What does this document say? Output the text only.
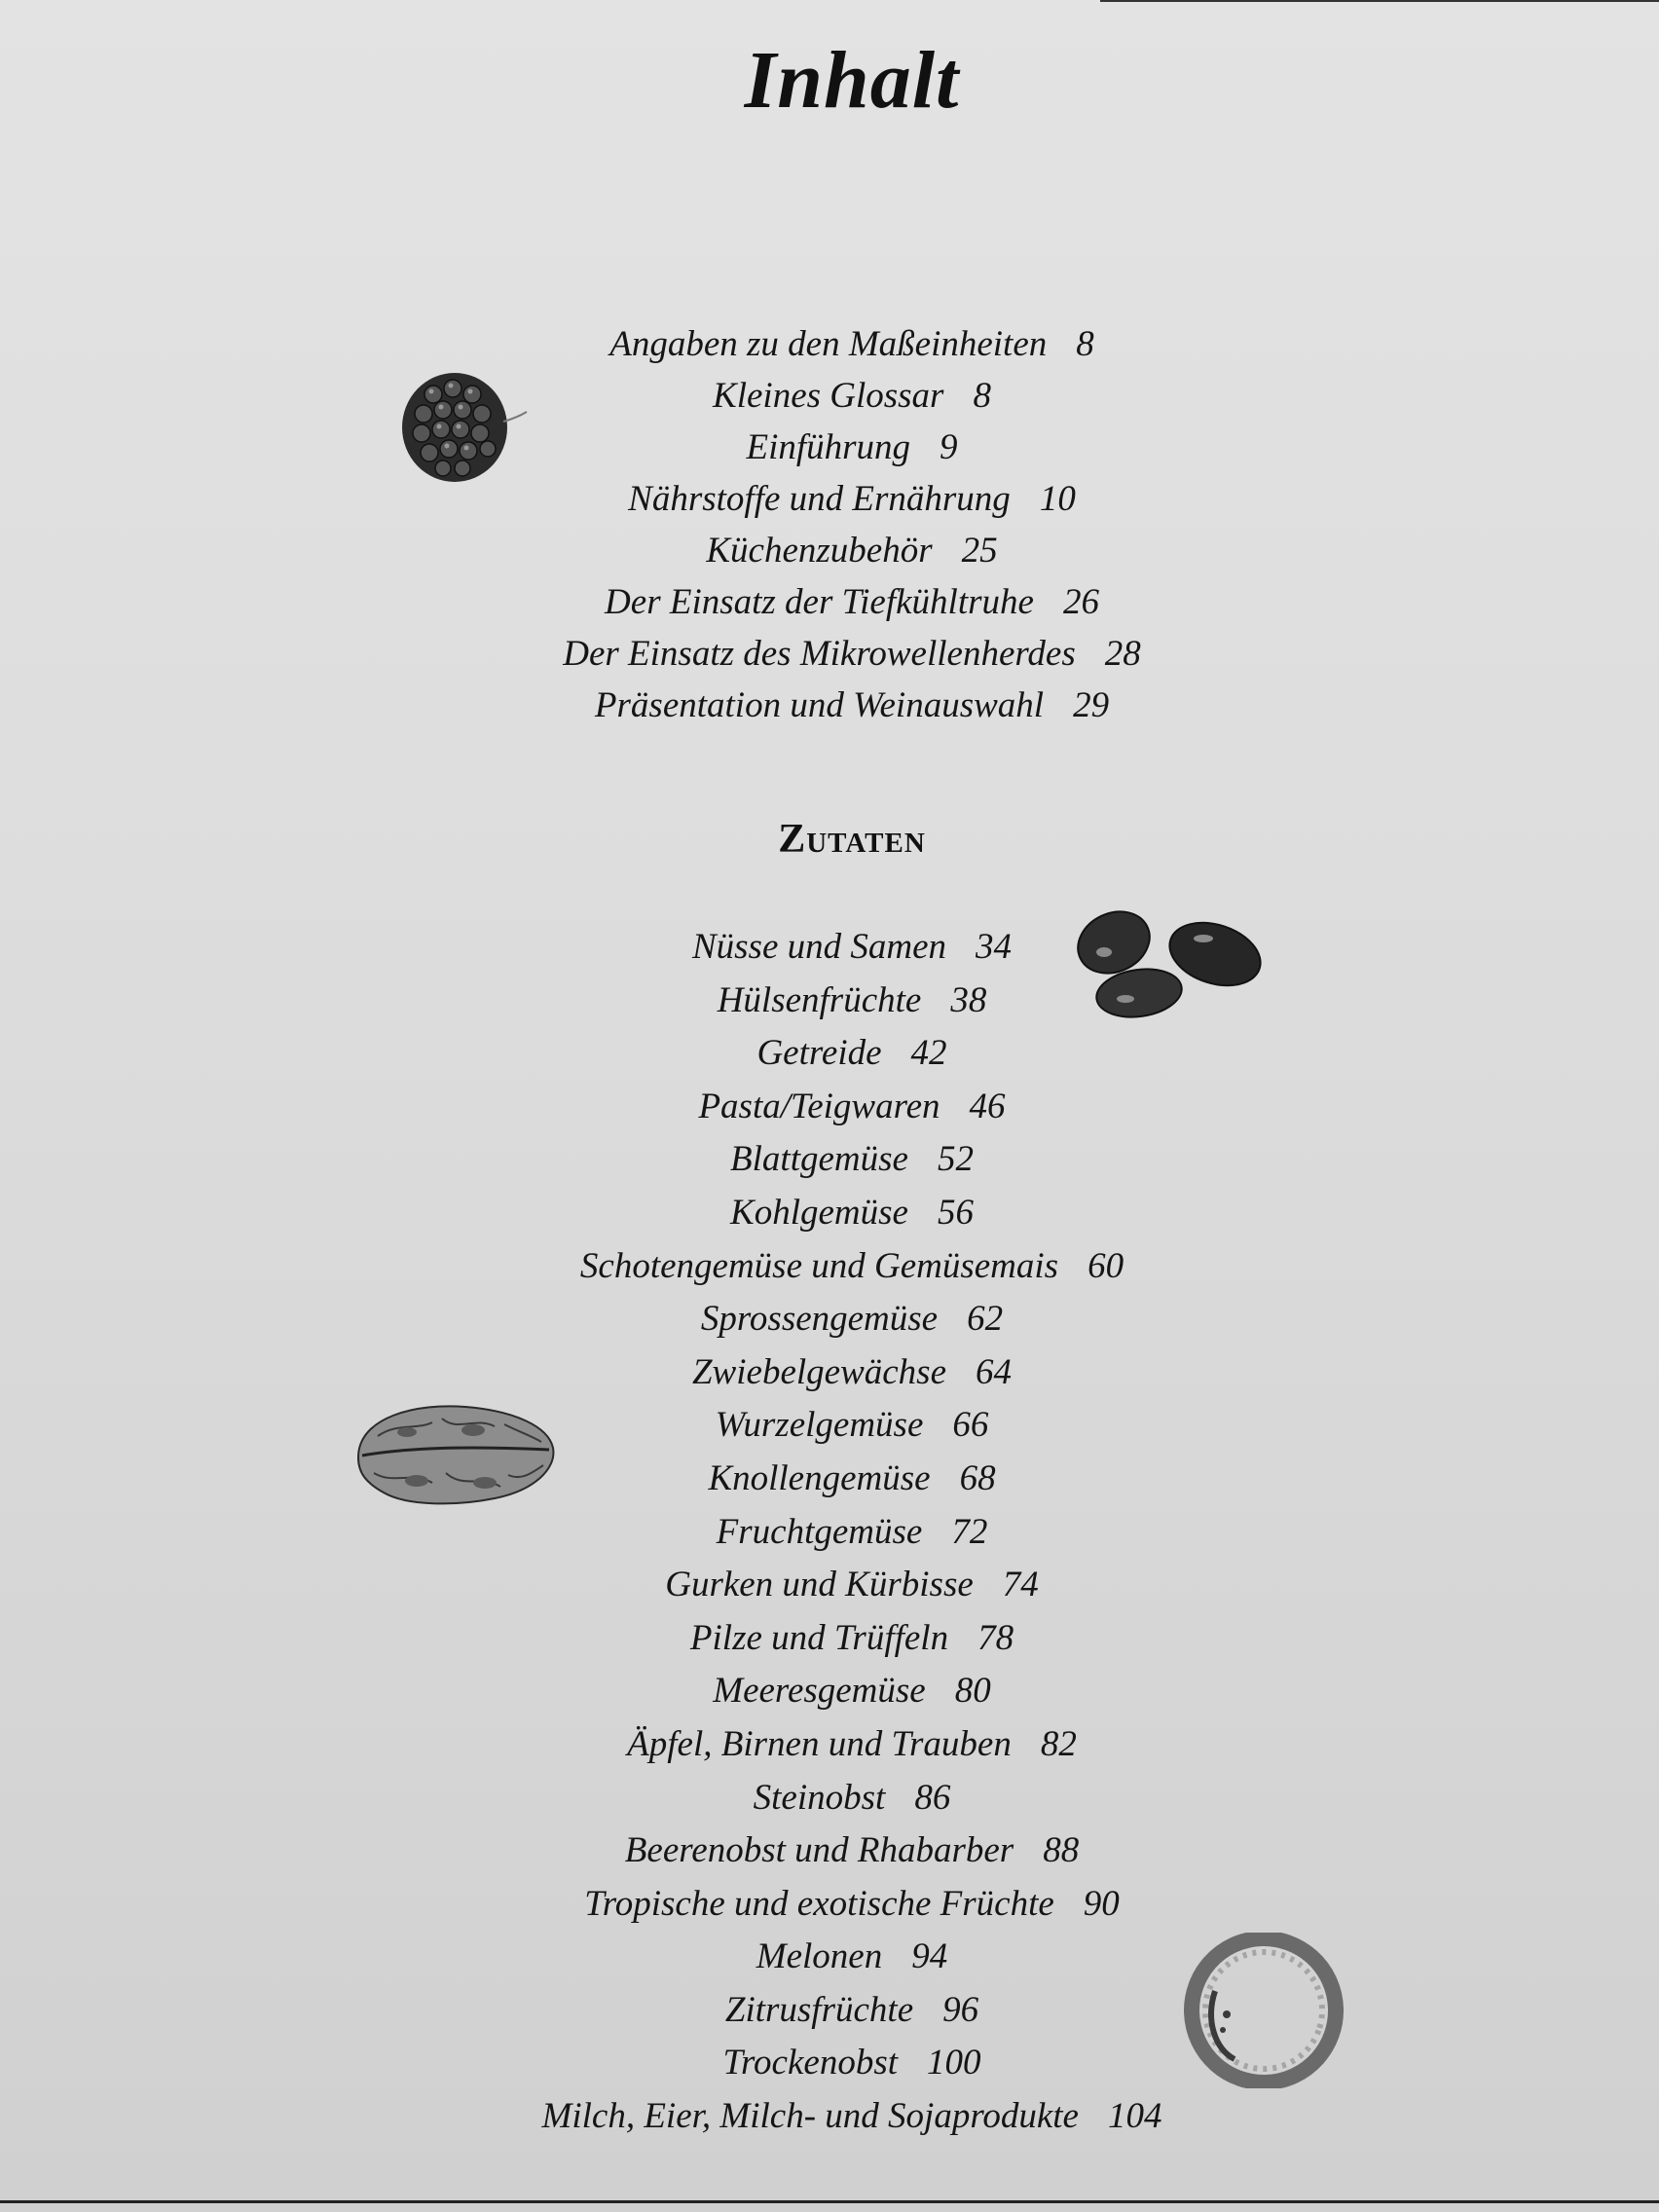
Inhalt
Angaben zu den Maßeinheiten 8
Kleines Glossar 8
Einführung 9
Nährstoffe und Ernährung 10
Küchenzubehör 25
Der Einsatz der Tiefkühltruhe 26
Der Einsatz des Mikrowellenherdes 28
Präsentation und Weinauswahl 29
Zutaten
Nüsse und Samen 34
Hülsenfrüchte 38
Getreide 42
Pasta/Teigwaren 46
Blattgemüse 52
Kohlgemüse 56
Schotengemüse und Gemüsemais 60
Sprossengemüse 62
Zwiebelgewächse 64
Wurzelgemüse 66
Knollengemüse 68
Fruchtgemüse 72
Gurken und Kürbisse 74
Pilze und Trüffeln 78
Meeresgemüse 80
Äpfel, Birnen und Trauben 82
Steinobst 86
Beerenobst und Rhabarber 88
Tropische und exotische Früchte 90
Melonen 94
Zitrusfrüchte 96
Trockenobst 100
Milch, Eier, Milch- und Sojaprodukte 104
